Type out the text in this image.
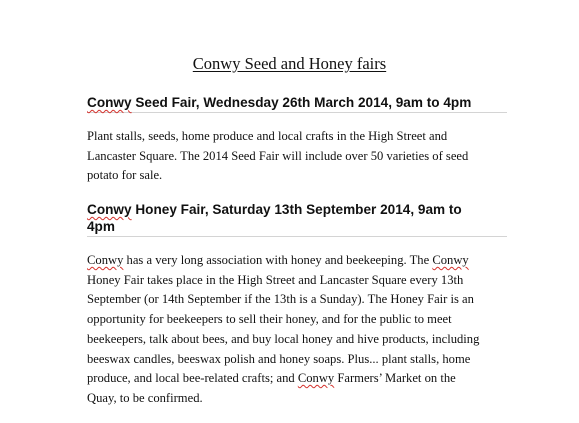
Conwy Seed and Honey fairs
Conwy Seed Fair, Wednesday 26th March 2014, 9am to 4pm
Plant stalls, seeds, home produce and local crafts in the High Street and
Lancaster Square. The 2014 Seed Fair will include over 50 varieties of seed
potato for sale.
Conwy Honey Fair, Saturday 13th September 2014, 9am to
4pm
Conwy has a very long association with honey and beekeeping. The Conwy
Honey Fair takes place in the High Street and Lancaster Square every 13th
September (or 14th September if the 13th is a Sunday). The Honey Fair is an
opportunity for beekeepers to sell their honey, and for the public to meet
beekeepers, talk about bees, and buy local honey and hive products, including
beeswax candles, beeswax polish and honey soaps. Plus... plant stalls, home
produce, and local bee-related crafts; and Conwy Farmers’ Market on the
Quay, to be confirmed.
